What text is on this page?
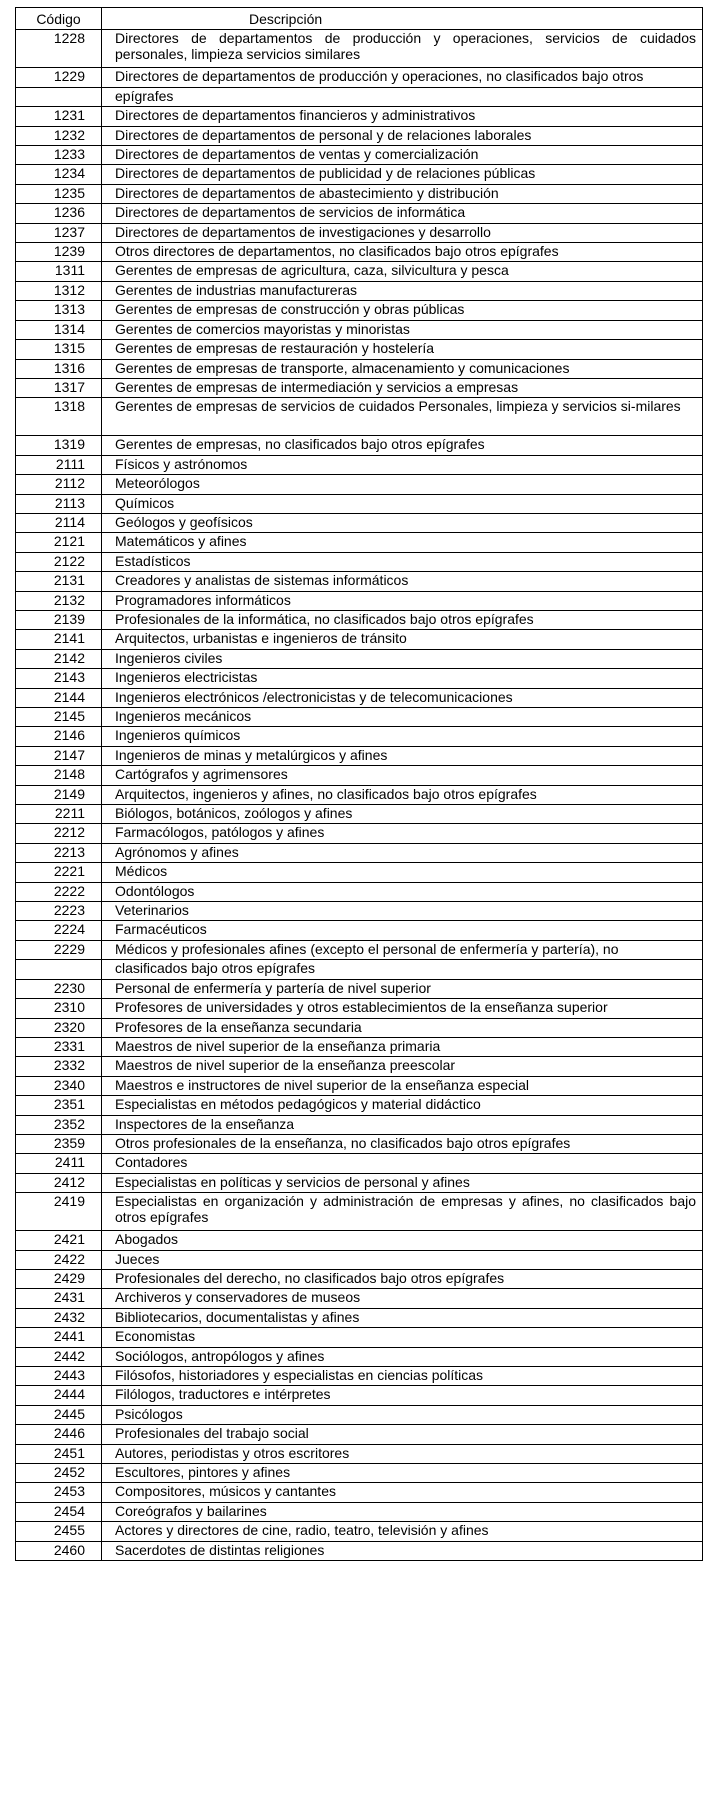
Código	Descripción
1228	Directores de departamentos de producción y operaciones, servicios de cuidados personales, limpieza servicios similares
1229	Directores de departamentos de producción y operaciones, no clasificados bajo otros
	epígrafes
1231	Directores de departamentos financieros y administrativos
1232	Directores de departamentos de personal y de relaciones laborales
1233	Directores de departamentos de ventas y comercialización
1234	Directores de departamentos de publicidad y de relaciones públicas
1235	Directores de departamentos de abastecimiento y distribución
1236	Directores de departamentos de servicios de informática
1237	Directores de departamentos de investigaciones y desarrollo
1239	Otros directores de departamentos, no clasificados bajo otros epígrafes
1311	Gerentes de empresas de agricultura, caza, silvicultura y pesca
1312	Gerentes de industrias manufactureras
1313	Gerentes de empresas de construcción y obras públicas
1314	Gerentes de comercios mayoristas y minoristas
1315	Gerentes de empresas de restauración y hostelería
1316	Gerentes de empresas de transporte, almacenamiento y comunicaciones
1317	Gerentes de empresas de intermediación y servicios a empresas
1318	Gerentes de empresas de servicios de cuidados Personales, limpieza y servicios si-milares
1319	Gerentes de empresas, no clasificados bajo otros epígrafes
2111	Físicos y astrónomos
2112	Meteorólogos
2113	Químicos
2114	Geólogos y geofísicos
2121	Matemáticos y afines
2122	Estadísticos
2131	Creadores y analistas de sistemas informáticos
2132	Programadores informáticos
2139	Profesionales de la informática, no clasificados bajo otros epígrafes
2141	Arquitectos, urbanistas e ingenieros de tránsito
2142	Ingenieros civiles
2143	Ingenieros electricistas
2144	Ingenieros electrónicos /electronicistas y de telecomunicaciones
2145	Ingenieros mecánicos
2146	Ingenieros químicos
2147	Ingenieros de minas y metalúrgicos y afines
2148	Cartógrafos y agrimensores
2149	Arquitectos, ingenieros y afines, no clasificados bajo otros epígrafes
2211	Biólogos, botánicos, zoólogos y afines
2212	Farmacólogos, patólogos y afines
2213	Agrónomos y afines
2221	Médicos
2222	Odontólogos
2223	Veterinarios
2224	Farmacéuticos
2229	Médicos y profesionales afines (excepto el personal de enfermería y partería), no
	clasificados bajo otros epígrafes
2230	Personal de enfermería y partería de nivel superior
2310	Profesores de universidades y otros establecimientos de la enseñanza superior
2320	Profesores de la enseñanza secundaria
2331	Maestros de nivel superior de la enseñanza primaria
2332	Maestros de nivel superior de la enseñanza preescolar
2340	Maestros e instructores de nivel superior de la enseñanza especial
2351	Especialistas en métodos pedagógicos y material didáctico
2352	Inspectores de la enseñanza
2359	Otros profesionales de la enseñanza, no clasificados bajo otros epígrafes
2411	Contadores
2412	Especialistas en políticas y servicios de personal y afines
2419	Especialistas en organización y administración de empresas y afines, no clasificados bajo otros epígrafes
2421	Abogados
2422	Jueces
2429	Profesionales del derecho, no clasificados bajo otros epígrafes
2431	Archiveros y conservadores de museos
2432	Bibliotecarios, documentalistas y afines
2441	Economistas
2442	Sociólogos, antropólogos y afines
2443	Filósofos, historiadores y especialistas en ciencias políticas
2444	Filólogos, traductores e intérpretes
2445	Psicólogos
2446	Profesionales del trabajo social
2451	Autores, periodistas y otros escritores
2452	Escultores, pintores y afines
2453	Compositores, músicos y cantantes
2454	Coreógrafos y bailarines
2455	Actores y directores de cine, radio, teatro, televisión y afines
2460	Sacerdotes de distintas religiones
